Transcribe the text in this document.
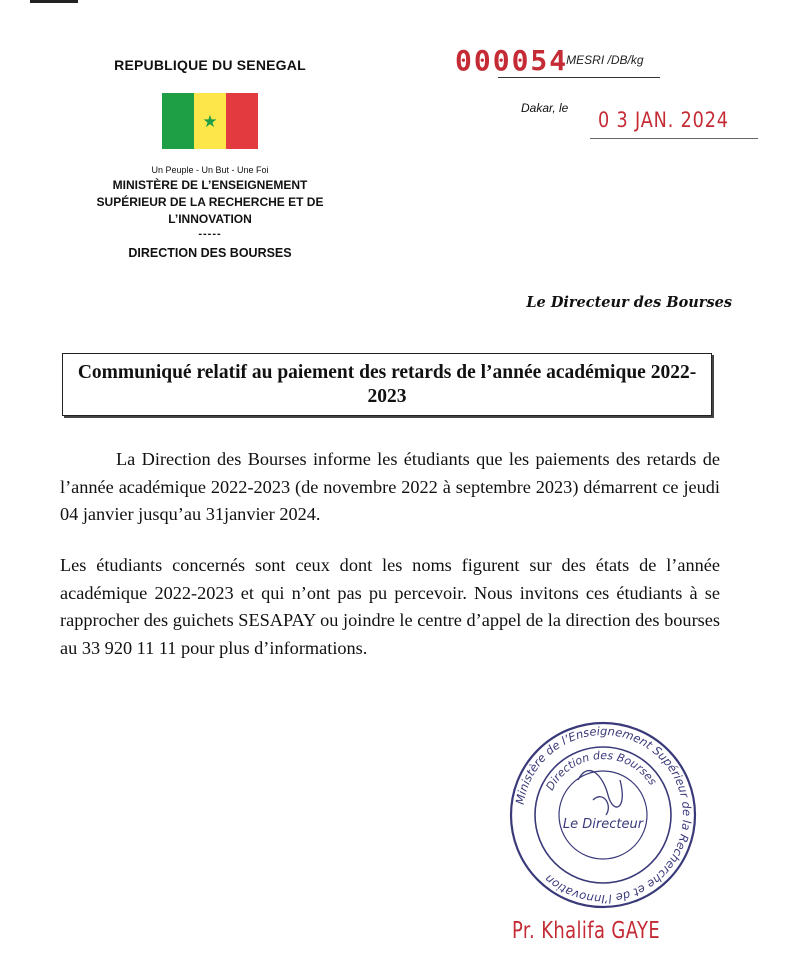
REPUBLIQUE DU SENEGAL
★
Un Peuple - Un But - Une Foi
MINISTÈRE DE L’ENSEIGNEMENT
SUPÉRIEUR DE LA RECHERCHE ET DE
L’INNOVATION
-----
DIRECTION DES BOURSES
000054$^{MESRI /DB/kg}$
Dakar, le 0 3 JAN. 2024
Le Directeur des Bourses
Communiqué relatif au paiement des retards de l’année académique 2022-2023

La Direction des Bourses informe les étudiants que les paiements des retards de l’année académique 2022-2023 (de novembre 2022 à septembre 2023) démarrent ce jeudi 04 janvier jusqu’au 31janvier 2024.

Les étudiants concernés sont ceux dont les noms figurent sur des états de l’année académique 2022-2023 et qui n’ont pas pu percevoir. Nous invitons ces étudiants à se rapprocher des guichets SESAPAY ou joindre le centre d’appel de la direction des bourses au 33 920 11 11 pour plus d’informations.

Ministère de l’Enseignement Supérieur de la Recherche et de l’Innovation
Direction des Bourses
Le Directeur
Pr. Khalifa GAYE
